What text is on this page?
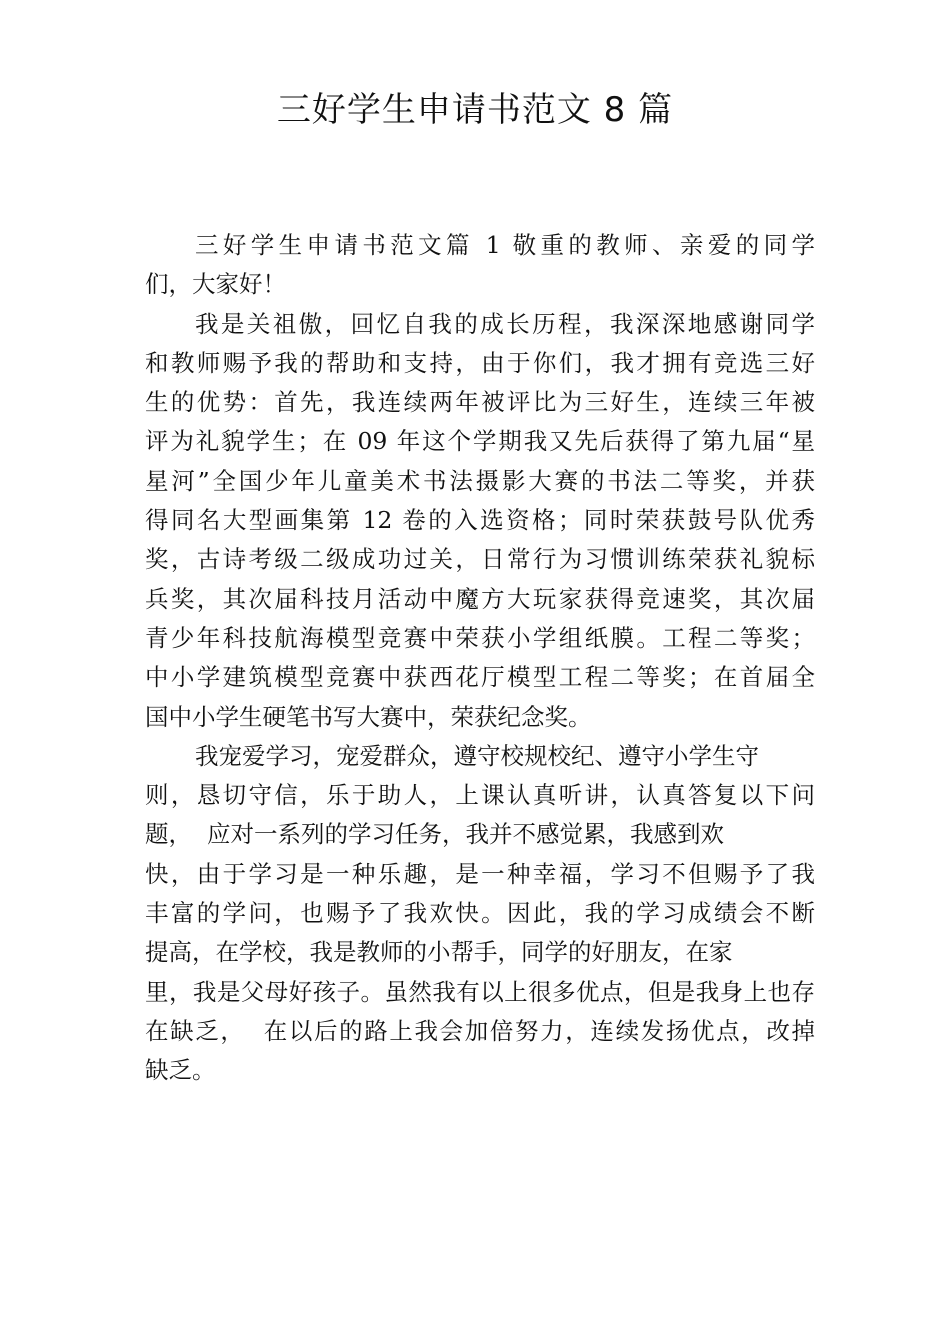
三好学生申请书范文 8 篇
三好学生申请书范文篇 1 敬重的教师、亲爱的同学
们，大家好！
我是关祖傲，回忆自我的成长历程，我深深地感谢同学
和教师赐予我的帮助和支持，由于你们，我才拥有竞选三好
生的优势：首先，我连续两年被评比为三好生，连续三年被
评为礼貌学生；在 09 年这个学期我又先后获得了第九届“星
星河”全国少年儿童美术书法摄影大赛的书法二等奖，并获
得同名大型画集第 12 卷的入选资格；同时荣获鼓号队优秀
奖，古诗考级二级成功过关，日常行为习惯训练荣获礼貌标
兵奖，其次届科技月活动中魔方大玩家获得竞速奖，其次届
青少年科技航海模型竞赛中荣获小学组纸膜。工程二等奖；
中小学建筑模型竞赛中获西花厅模型工程二等奖；在首届全
国中小学生硬笔书写大赛中，荣获纪念奖。
我宠爱学习，宠爱群众，遵守校规校纪、遵守小学生守
则，恳切守信，乐于助人，上课认真听讲，认真答复以下问
题，  应对一系列的学习任务，我并不感觉累，我感到欢
快，由于学习是一种乐趣，是一种幸福，学习不但赐予了我
丰富的学问，也赐予了我欢快。因此，我的学习成绩会不断
提高，在学校，我是教师的小帮手，同学的好朋友，在家
里，我是父母好孩子。虽然我有以上很多优点，但是我身上也存
在缺乏，  在以后的路上我会加倍努力，连续发扬优点，改掉
缺乏。
